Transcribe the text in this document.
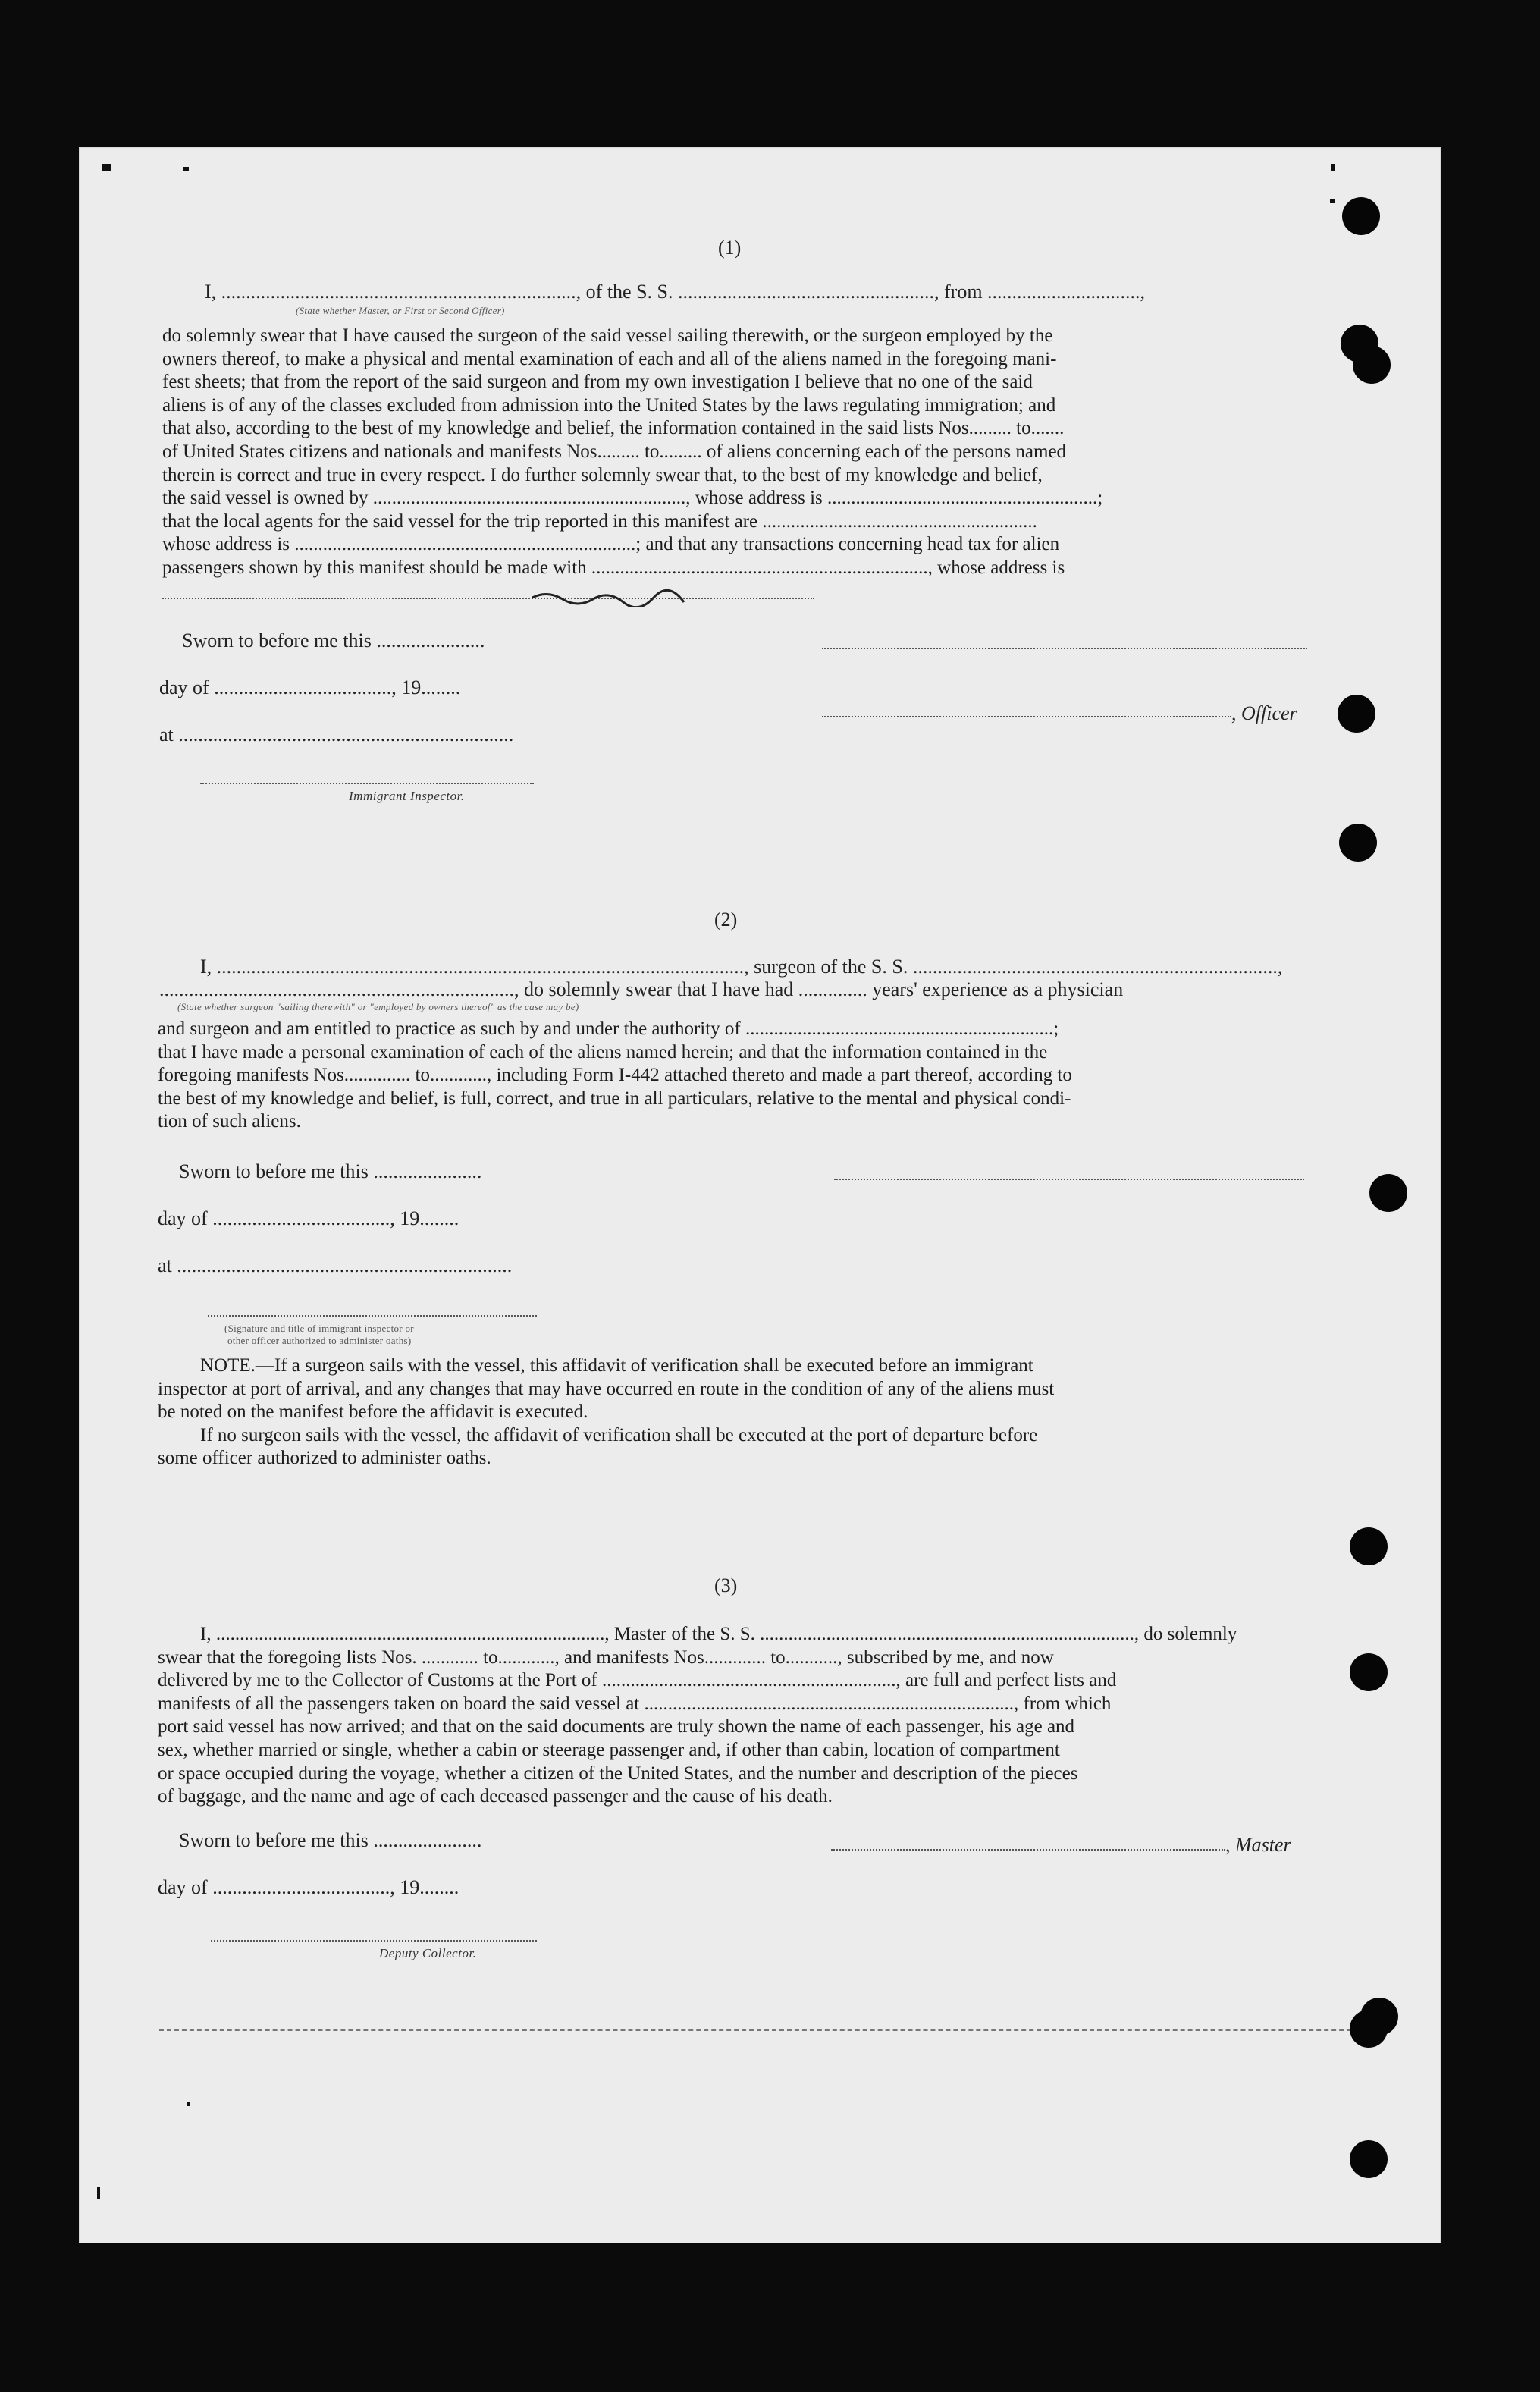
(1)
I, ........................................................................, of the S. S. ...................................................., from ...............................,
(State whether Master, or First or Second Officer)
do solemnly swear that I have caused the surgeon of the said vessel sailing therewith, or the surgeon employed by the
owners thereof, to make a physical and mental examination of each and all of the aliens named in the foregoing mani-
fest sheets; that from the report of the said surgeon and from my own investigation I believe that no one of the said
aliens is of any of the classes excluded from admission into the United States by the laws regulating immigration; and
that also, according to the best of my knowledge and belief, the information contained in the said lists Nos......... to.......
of United States citizens and nationals and manifests Nos......... to......... of aliens concerning each of the persons named
therein is correct and true in every respect. I do further solemnly swear that, to the best of my knowledge and belief,
the said vessel is owned by .................................................................., whose address is .........................................................;
that the local agents for the said vessel for the trip reported in this manifest are ..........................................................
whose address is ........................................................................; and that any transactions concerning head tax for alien
passengers shown by this manifest should be made with ......................................................................., whose address is
Sworn to before me this ......................
day of ...................................., 19........
, Officer
at ....................................................................
Immigrant Inspector.
(2)
I, ..........................................................................................................., surgeon of the S. S. ..........................................................................,
........................................................................, do solemnly swear that I have had .............. years' experience as a physician
(State whether surgeon "sailing therewith" or "employed by owners thereof" as the case may be)
and surgeon and am entitled to practice as such by and under the authority of .................................................................;
that I have made a personal examination of each of the aliens named herein; and that the information contained in the
foregoing manifests Nos.............. to............, including Form I-442 attached thereto and made a part thereof, according to
the best of my knowledge and belief, is full, correct, and true in all particulars, relative to the mental and physical condi-
tion of such aliens.
Sworn to before me this ......................
day of ...................................., 19........
at ....................................................................
(Signature and title of immigrant inspector or
other officer authorized to administer oaths)
NOTE.—If a surgeon sails with the vessel, this affidavit of verification shall be executed before an immigrant
inspector at port of arrival, and any changes that may have occurred en route in the condition of any of the aliens must
be noted on the manifest before the affidavit is executed.
If no surgeon sails with the vessel, the affidavit of verification shall be executed at the port of departure before
some officer authorized to administer oaths.
(3)
I, .................................................................................., Master of the S. S. ..............................................................................., do solemnly
swear that the foregoing lists Nos. ............ to............, and manifests Nos............. to..........., subscribed by me, and now
delivered by me to the Collector of Customs at the Port of .............................................................., are full and perfect lists and
manifests of all the passengers taken on board the said vessel at .............................................................................., from which
port said vessel has now arrived; and that on the said documents are truly shown the name of each passenger, his age and
sex, whether married or single, whether a cabin or steerage passenger and, if other than cabin, location of compartment
or space occupied during the voyage, whether a citizen of the United States, and the number and description of the pieces
of baggage, and the name and age of each deceased passenger and the cause of his death.
Sworn to before me this ......................	, Master
day of ...................................., 19........
Deputy Collector.
